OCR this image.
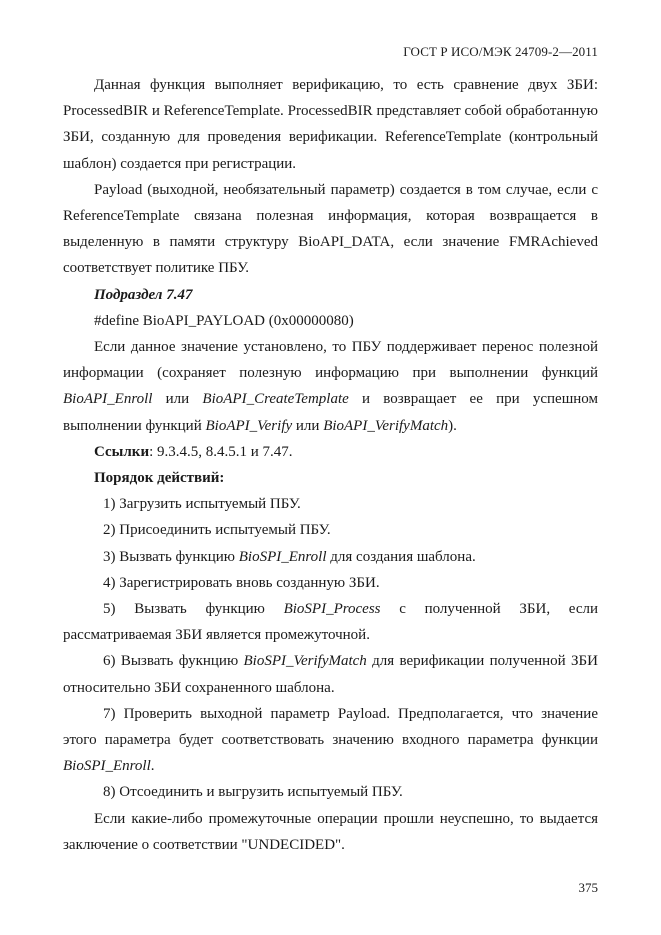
ГОСТ Р ИСО/МЭК 24709-2—2011

Данная функция выполняет верификацию, то есть сравнение двух ЗБИ: ProcessedBIR и ReferenceTemplate. ProcessedBIR представляет собой обработанную ЗБИ, созданную для проведения верификации. ReferenceTemplate (контрольный шаблон) создается при регистрации.

Payload (выходной, необязательный параметр) создается в том случае, если с ReferenceTemplate связана полезная информация, которая возвращается в выделенную в памяти структуру BioAPI_DATA, если значение FMRAchieved соответствует политике ПБУ.

Подраздел 7.47

#define BioAPI_PAYLOAD (0x00000080)

Если данное значение установлено, то ПБУ поддерживает перенос полезной информации (сохраняет полезную информацию при выполнении функций BioAPI_Enroll или BioAPI_CreateTemplate и возвращает ее при успешном выполнении функций BioAPI_Verify или BioAPI_VerifyMatch).

Ссылки: 9.3.4.5, 8.4.5.1 и 7.47.

Порядок действий:

1) Загрузить испытуемый ПБУ.

2) Присоединить испытуемый ПБУ.

3) Вызвать функцию BioSPI_Enroll для создания шаблона.

4) Зарегистрировать вновь созданную ЗБИ.

5) Вызвать функцию BioSPI_Process с полученной ЗБИ, если рассматриваемая ЗБИ является промежуточной.

6) Вызвать фукнцию BioSPI_VerifyMatch для верификации полученной ЗБИ относительно ЗБИ сохраненного шаблона.

7) Проверить выходной параметр Payload. Предполагается, что значение этого параметра будет соответствовать значению входного параметра функции BioSPI_Enroll.

8) Отсоединить и выгрузить испытуемый ПБУ.

Если какие-либо промежуточные операции прошли неуспешно, то выдается заключение о соответствии "UNDECIDED".

375
